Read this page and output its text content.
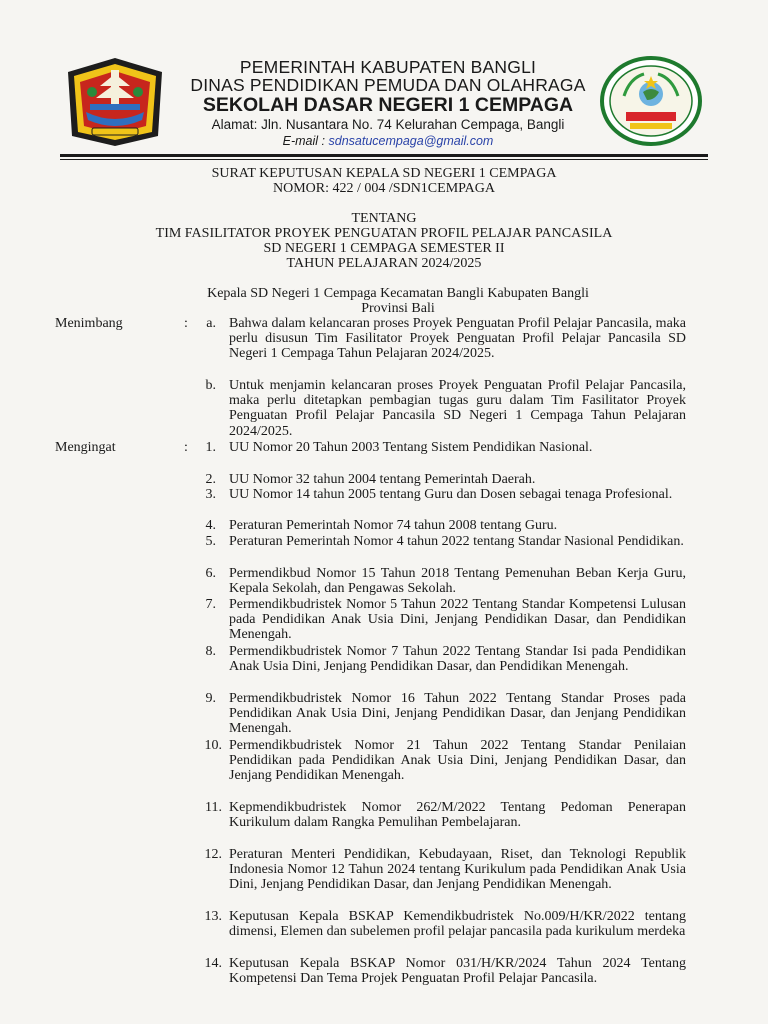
PEMERINTAH KABUPATEN BANGLI
DINAS PENDIDIKAN PEMUDA DAN OLAHRAGA
SEKOLAH DASAR NEGERI 1 CEMPAGA
Alamat: Jln. Nusantara No. 74 Kelurahan Cempaga, Bangli
E-mail : sdnsatucempaga@gmail.com
SURAT KEPUTUSAN KEPALA SD NEGERI 1 CEMPAGA
NOMOR: 422 / 004 /SDN1CEMPAGA
TENTANG
TIM FASILITATOR PROYEK PENGUATAN PROFIL PELAJAR PANCASILA
SD NEGERI 1 CEMPAGA SEMESTER II
TAHUN PELAJARAN 2024/2025
Kepala SD Negeri 1 Cempaga Kecamatan Bangli Kabupaten Bangli
Provinsi Bali
Menimbang	:	a. Bahwa dalam kelancaran proses Proyek Penguatan Profil Pelajar Pancasila, maka perlu disusun Tim Fasilitator Proyek Penguatan Profil Pelajar Pancasila SD Negeri 1 Cempaga Tahun Pelajaran 2024/2025.
b. Untuk menjamin kelancaran proses Proyek Penguatan Profil Pelajar Pancasila, maka perlu ditetapkan pembagian tugas guru dalam Tim Fasilitator Proyek Penguatan Profil Pelajar Pancasila SD Negeri 1 Cempaga Tahun Pelajaran 2024/2025.
Mengingat	:	1. UU Nomor 20 Tahun 2003 Tentang Sistem Pendidikan Nasional.
2. UU Nomor 32 tahun 2004 tentang Pemerintah Daerah.
3. UU Nomor 14 tahun 2005 tentang Guru dan Dosen sebagai tenaga Profesional.
4. Peraturan Pemerintah Nomor 74 tahun 2008 tentang Guru.
5. Peraturan Pemerintah Nomor 4 tahun 2022 tentang Standar Nasional Pendidikan.
6. Permendikbud Nomor 15 Tahun 2018 Tentang Pemenuhan Beban Kerja Guru, Kepala Sekolah, dan Pengawas Sekolah.
7. Permendikbudristek Nomor 5 Tahun 2022 Tentang Standar Kompetensi Lulusan pada Pendidikan Anak Usia Dini, Jenjang Pendidikan Dasar, dan Pendidikan Menengah.
8. Permendikbudristek Nomor 7 Tahun 2022 Tentang Standar Isi pada Pendidikan Anak Usia Dini, Jenjang Pendidikan Dasar, dan Pendidikan Menengah.
9. Permendikbudristek Nomor 16 Tahun 2022 Tentang Standar Proses pada Pendidikan Anak Usia Dini, Jenjang Pendidikan Dasar, dan Jenjang Pendidikan Menengah.
10. Permendikbudristek Nomor 21 Tahun 2022 Tentang Standar Penilaian Pendidikan pada Pendidikan Anak Usia Dini, Jenjang Pendidikan Dasar, dan Jenjang Pendidikan Menengah.
11. Kepmendikbudristek Nomor 262/M/2022 Tentang Pedoman Penerapan Kurikulum dalam Rangka Pemulihan Pembelajaran.
12. Peraturan Menteri Pendidikan, Kebudayaan, Riset, dan Teknologi Republik Indonesia Nomor 12 Tahun 2024 tentang Kurikulum pada Pendidikan Anak Usia Dini, Jenjang Pendidikan Dasar, dan Jenjang Pendidikan Menengah.
13. Keputusan Kepala BSKAP Kemendikbudristek No.009/H/KR/2022 tentang dimensi, Elemen dan subelemen profil pelajar pancasila pada kurikulum merdeka
14. Keputusan Kepala BSKAP Nomor 031/H/KR/2024 Tahun 2024 Tentang Kompetensi Dan Tema Projek Penguatan Profil Pelajar Pancasila.
